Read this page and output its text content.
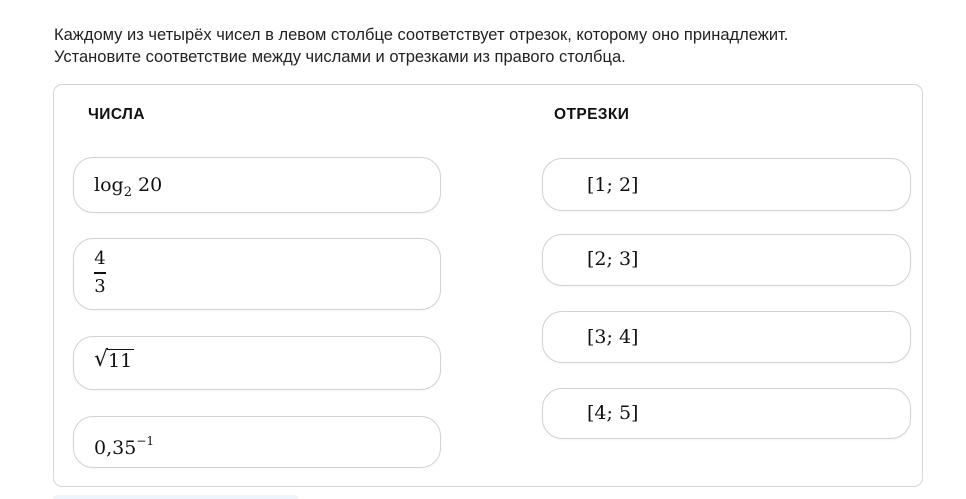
Каждому из четырёх чисел в левом столбце соответствует отрезок, которому оно принадлежит.
Установите соответствие между числами и отрезками из правого столбца.
ЧИСЛА	ОТРЕЗКИ
$\log_2 20$
$\frac{4}{3}$
√ 11
$0,35^{-1}$
[1; 2]
[2; 3]
[3; 4]
[4; 5]
